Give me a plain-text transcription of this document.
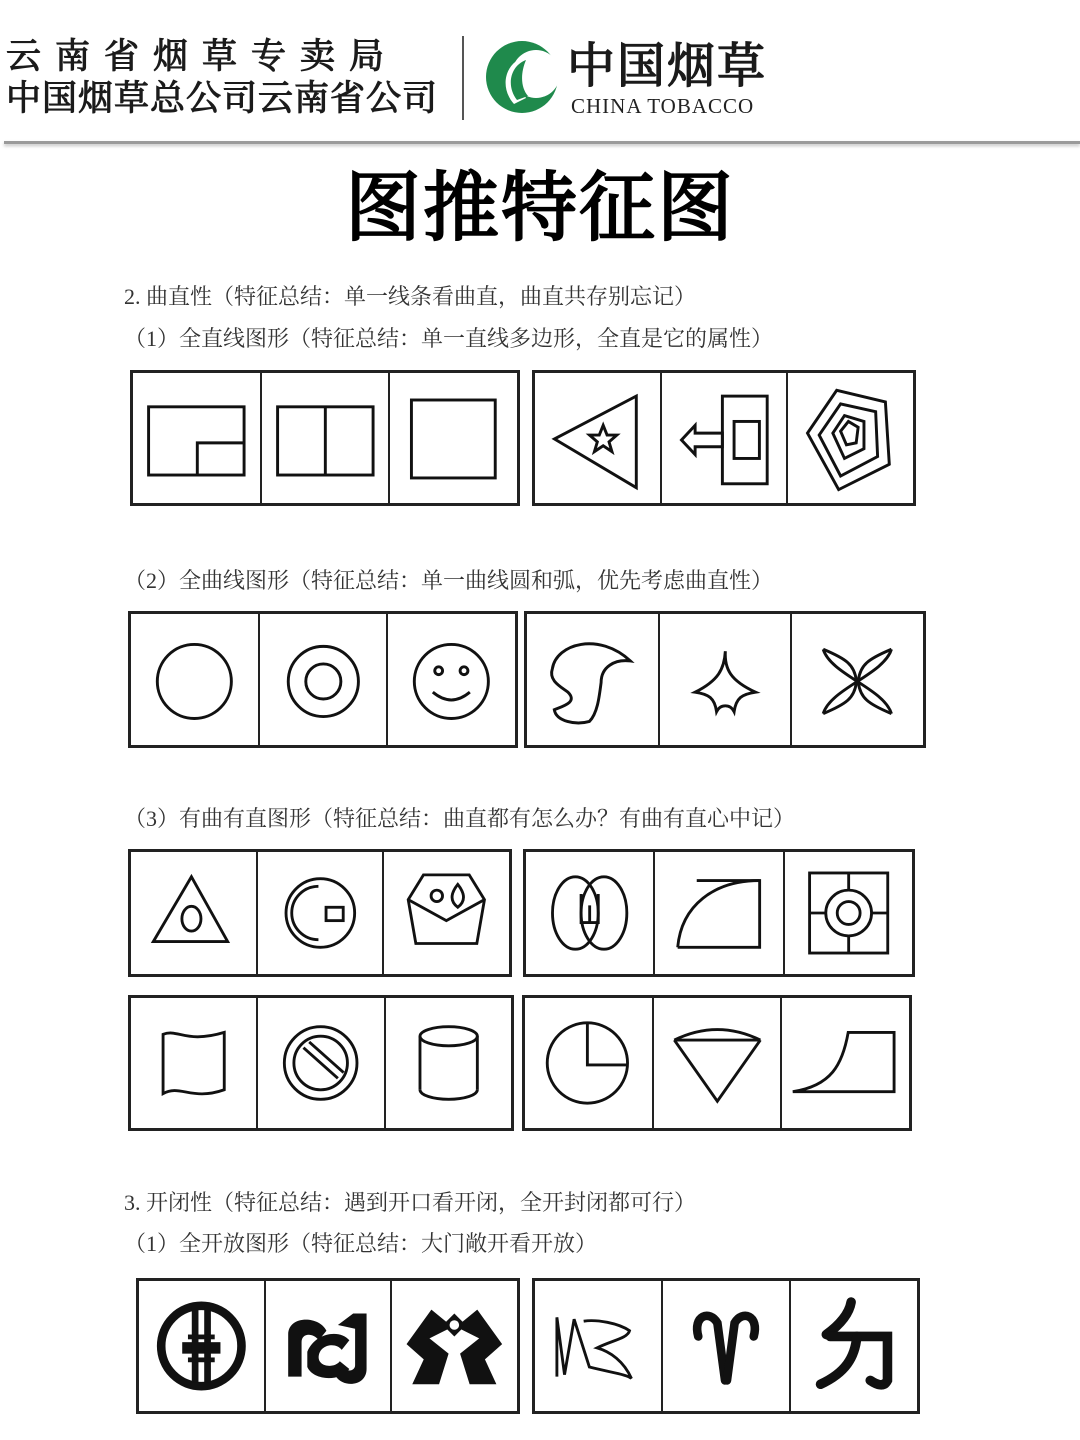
云南省烟草专卖局
中国烟草总公司云南省公司
中国烟草
CHINA TOBACCO
图推特征图
2. 曲直性（特征总结：单一线条看曲直，曲直共存别忘记）
（1）全直线图形（特征总结：单一直线多边形，全直是它的属性）
（2）全曲线图形（特征总结：单一曲线圆和弧，优先考虑曲直性）
（3）有曲有直图形（特征总结：曲直都有怎么办？有曲有直心中记）
3. 开闭性（特征总结：遇到开口看开闭，全开封闭都可行）
（1）全开放图形（特征总结：大门敞开看开放）
